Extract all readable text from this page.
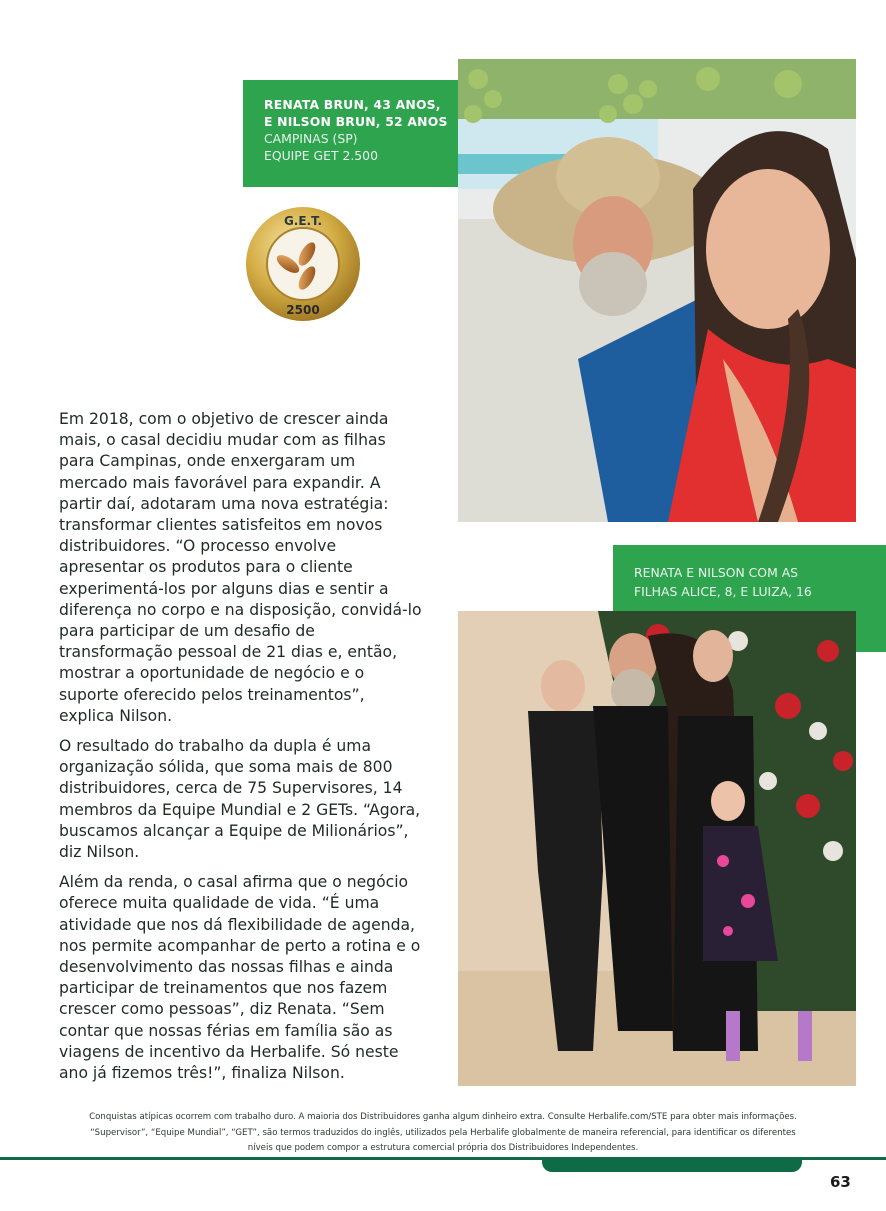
RENATA BRUN, 43 ANOS,
E NILSON BRUN, 52 ANOS
CAMPINAS (SP)
EQUIPE GET 2.500
G.E.T.
2500
RENATA E NILSON COM AS
FILHAS ALICE, 8, E LUIZA, 16

Em 2018, com o objetivo de crescer ainda mais, o casal decidiu mudar com as filhas para Campinas, onde enxergaram um mercado mais favorável para expandir. A partir daí, adotaram uma nova estratégia: transformar clientes satisfeitos em novos distribuidores. “O processo envolve apresentar os produtos para o cliente experimentá-los por alguns dias e sentir a diferença no corpo e na disposição, convidá-lo para participar de um desafio de transformação pessoal de 21 dias e, então, mostrar a oportunidade de negócio e o suporte oferecido pelos treinamentos”, explica Nilson.

O resultado do trabalho da dupla é uma organização sólida, que soma mais de 800 distribuidores, cerca de 75 Supervisores, 14 membros da Equipe Mundial e 2 GETs. “Agora, buscamos alcançar a Equipe de Milionários”, diz Nilson.

Além da renda, o casal afirma que o negócio oferece muita qualidade de vida. “É uma atividade que nos dá flexibilidade de agenda, nos permite acompanhar de perto a rotina e o desenvolvimento das nossas filhas e ainda participar de treinamentos que nos fazem crescer como pessoas”, diz Renata. “Sem contar que nossas férias em família são as viagens de incentivo da Herbalife. Só neste ano já fizemos três!”, finaliza Nilson.

Conquistas atípicas ocorrem com trabalho duro. A maioria dos Distribuidores ganha algum dinheiro extra. Consulte Herbalife.com/STE para obter mais informações.
“Supervisor”, “Equipe Mundial”, “GET”, são termos traduzidos do inglês, utilizados pela Herbalife globalmente de maneira referencial, para identificar os diferentes
níveis que podem compor a estrutura comercial própria dos Distribuidores Independentes.
63
